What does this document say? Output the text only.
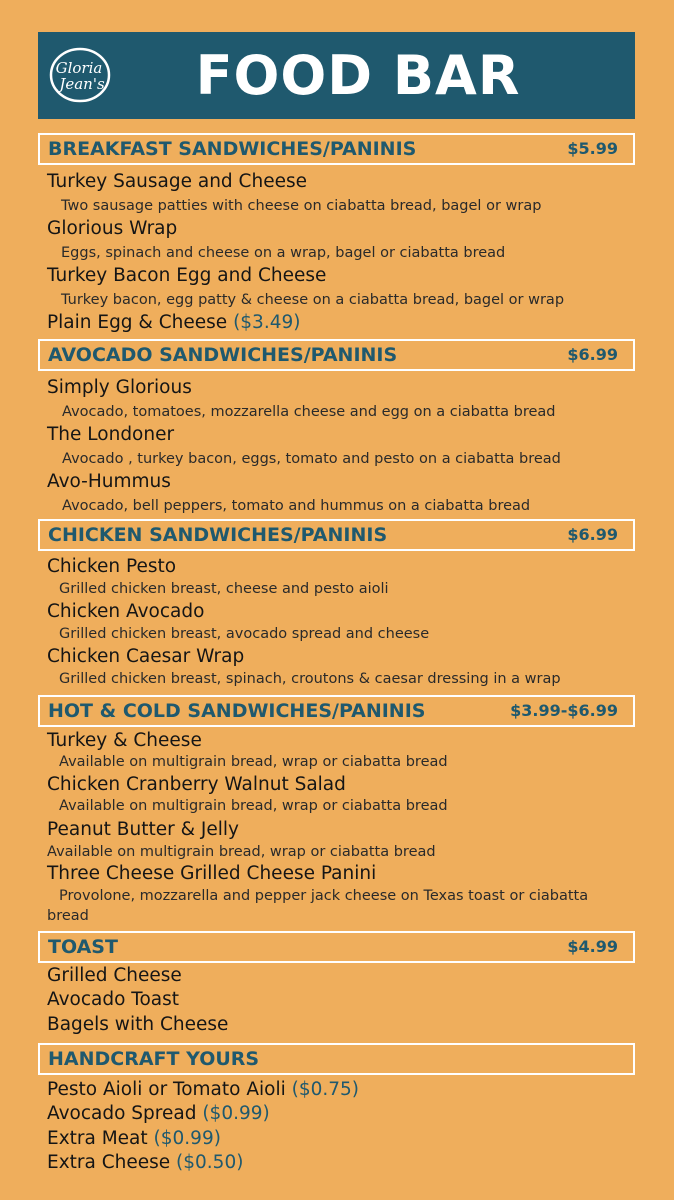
Gloria
Jean's	FOOD BAR
BREAKFAST SANDWICHES/PANINIS	$5.99
Turkey Sausage and Cheese
Two sausage patties with cheese on ciabatta bread, bagel or wrap
Glorious Wrap
Eggs, spinach and cheese on a wrap, bagel or ciabatta bread
Turkey Bacon Egg and Cheese
Turkey bacon, egg patty & cheese on a ciabatta bread, bagel or wrap
Plain Egg & Cheese ($3.49)
AVOCADO SANDWICHES/PANINIS	$6.99
Simply Glorious
Avocado, tomatoes, mozzarella cheese and egg on a ciabatta bread
The Londoner
Avocado , turkey bacon, eggs, tomato and pesto on a ciabatta bread
Avo-Hummus
Avocado, bell peppers, tomato and hummus on a ciabatta bread
CHICKEN SANDWICHES/PANINIS	$6.99
Chicken Pesto
Grilled chicken breast, cheese and pesto aioli
Chicken Avocado
Grilled chicken breast, avocado spread and cheese
Chicken Caesar Wrap
Grilled chicken breast, spinach, croutons & caesar dressing in a wrap
HOT & COLD SANDWICHES/PANINIS	$3.99-$6.99
Turkey & Cheese
Available on multigrain bread, wrap or ciabatta bread
Chicken Cranberry Walnut Salad
Available on multigrain bread, wrap or ciabatta bread
Peanut Butter & Jelly
Available on multigrain bread, wrap or ciabatta bread
Three Cheese Grilled Cheese Panini
Provolone, mozzarella and pepper jack cheese on Texas toast or ciabatta bread
TOAST	$4.99
Grilled Cheese
Avocado Toast
Bagels with Cheese
HANDCRAFT YOURS
Pesto Aioli or Tomato Aioli ($0.75)
Avocado Spread ($0.99)
Extra Meat ($0.99)
Extra Cheese ($0.50)
